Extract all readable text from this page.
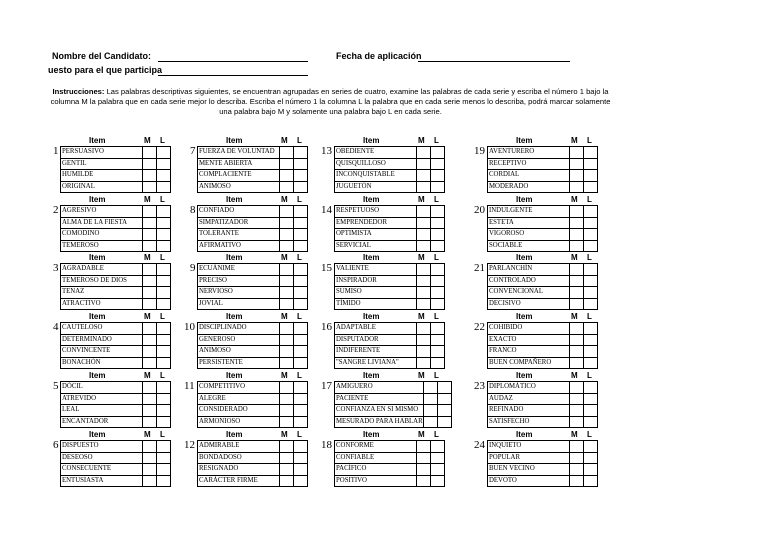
Nombre del Candidato:
uesto para el que participa
Fecha de aplicación
Instrucciones: Las palabras descriptivas siguientes, se encuentran agrupadas en series de cuatro, examine las palabras de cada serie y escriba el número 1 bajo la columna M la palabra que en cada serie mejor lo describa. Escriba el número 1 la columna L la palabra que en cada serie menos lo describa, podrá marcar solamente una palabra bajo M y solamente una palabra bajo L en cada serie.
Item	M L
1 PERSUASIVO		
GENTIL		
HUMILDE		
ORIGINAL		
Item	M L
2 AGRESIVO		
ALMA DE LA FIESTA		
COMODINO		
TEMEROSO		
Item	M L
3 AGRADABLE		
TEMEROSO DE DIOS		
TENAZ		
ATRACTIVO		
Item	M L
4 CAUTELOSO		
DETERMINADO		
CONVINCENTE		
BONACHÓN		
Item	M L
5 DÓCIL		
ATREVIDO		
LEAL		
ENCANTADOR		
Item	M L
6 DISPUESTO		
DESEOSO		
CONSECUENTE		
ENTUSIASTA		
Item	M L
7 FUERZA DE VOLUNTAD		
MENTE ABIERTA		
COMPLACIENTE		
ANIMOSO		
Item	M L
8 CONFIADO		
SIMPATIZADOR		
TOLERANTE		
AFIRMATIVO		
Item	M L
9 ECUÁNIME		
PRECISO		
NERVIOSO		
JOVIAL		
Item	M L
10 DISCIPLINADO		
GENEROSO		
ANIMOSO		
PERSISTENTE		
Item	M L
11 COMPETITIVO		
ALEGRE		
CONSIDERADO		
ARMONIOSO		
Item	M L
12 ADMIRABLE		
BONDADOSO		
RESIGNADO		
CARÁCTER FIRME		
Item	M L
13 OBEDIENTE		
QUISQUILLOSO		
INCONQUISTABLE		
JUGUETÓN		
Item	M L
14 RESPETUOSO		
EMPRENDEDOR		
OPTIMISTA		
SERVICIAL		
Item	M L
15 VALIENTE		
INSPIRADOR		
SUMISO		
TÍMIDO		
Item	M L
16 ADAPTABLE		
DISPUTADOR		
INDIFERENTE		
"SANGRE LIVIANA"		
Item	M L
17 AMIGUERO		
PACIENTE		
CONFIANZA EN SI MISMO		
MESURADO PARA HABLAR		
Item	M L
18 CONFORME		
CONFIABLE		
PACÍFICO		
POSITIVO		
Item	M L
19 AVENTURERO		
RECEPTIVO		
CORDIAL		
MODERADO		
Item	M L
20 INDULGENTE		
ESTETA		
VIGOROSO		
SOCIABLE		
Item	M L
21 PARLANCHÍN		
CONTROLADO		
CONVENCIONAL		
DECISIVO		
Item	M L
22 COHIBIDO		
EXACTO		
FRANCO		
BUEN COMPAÑERO		
Item	M L
23 DIPLOMÁTICO		
AUDAZ		
REFINADO		
SATISFECHO		
Item	M L
24 INQUIETO		
POPULAR		
BUEN VECINO		
DEVOTO		
